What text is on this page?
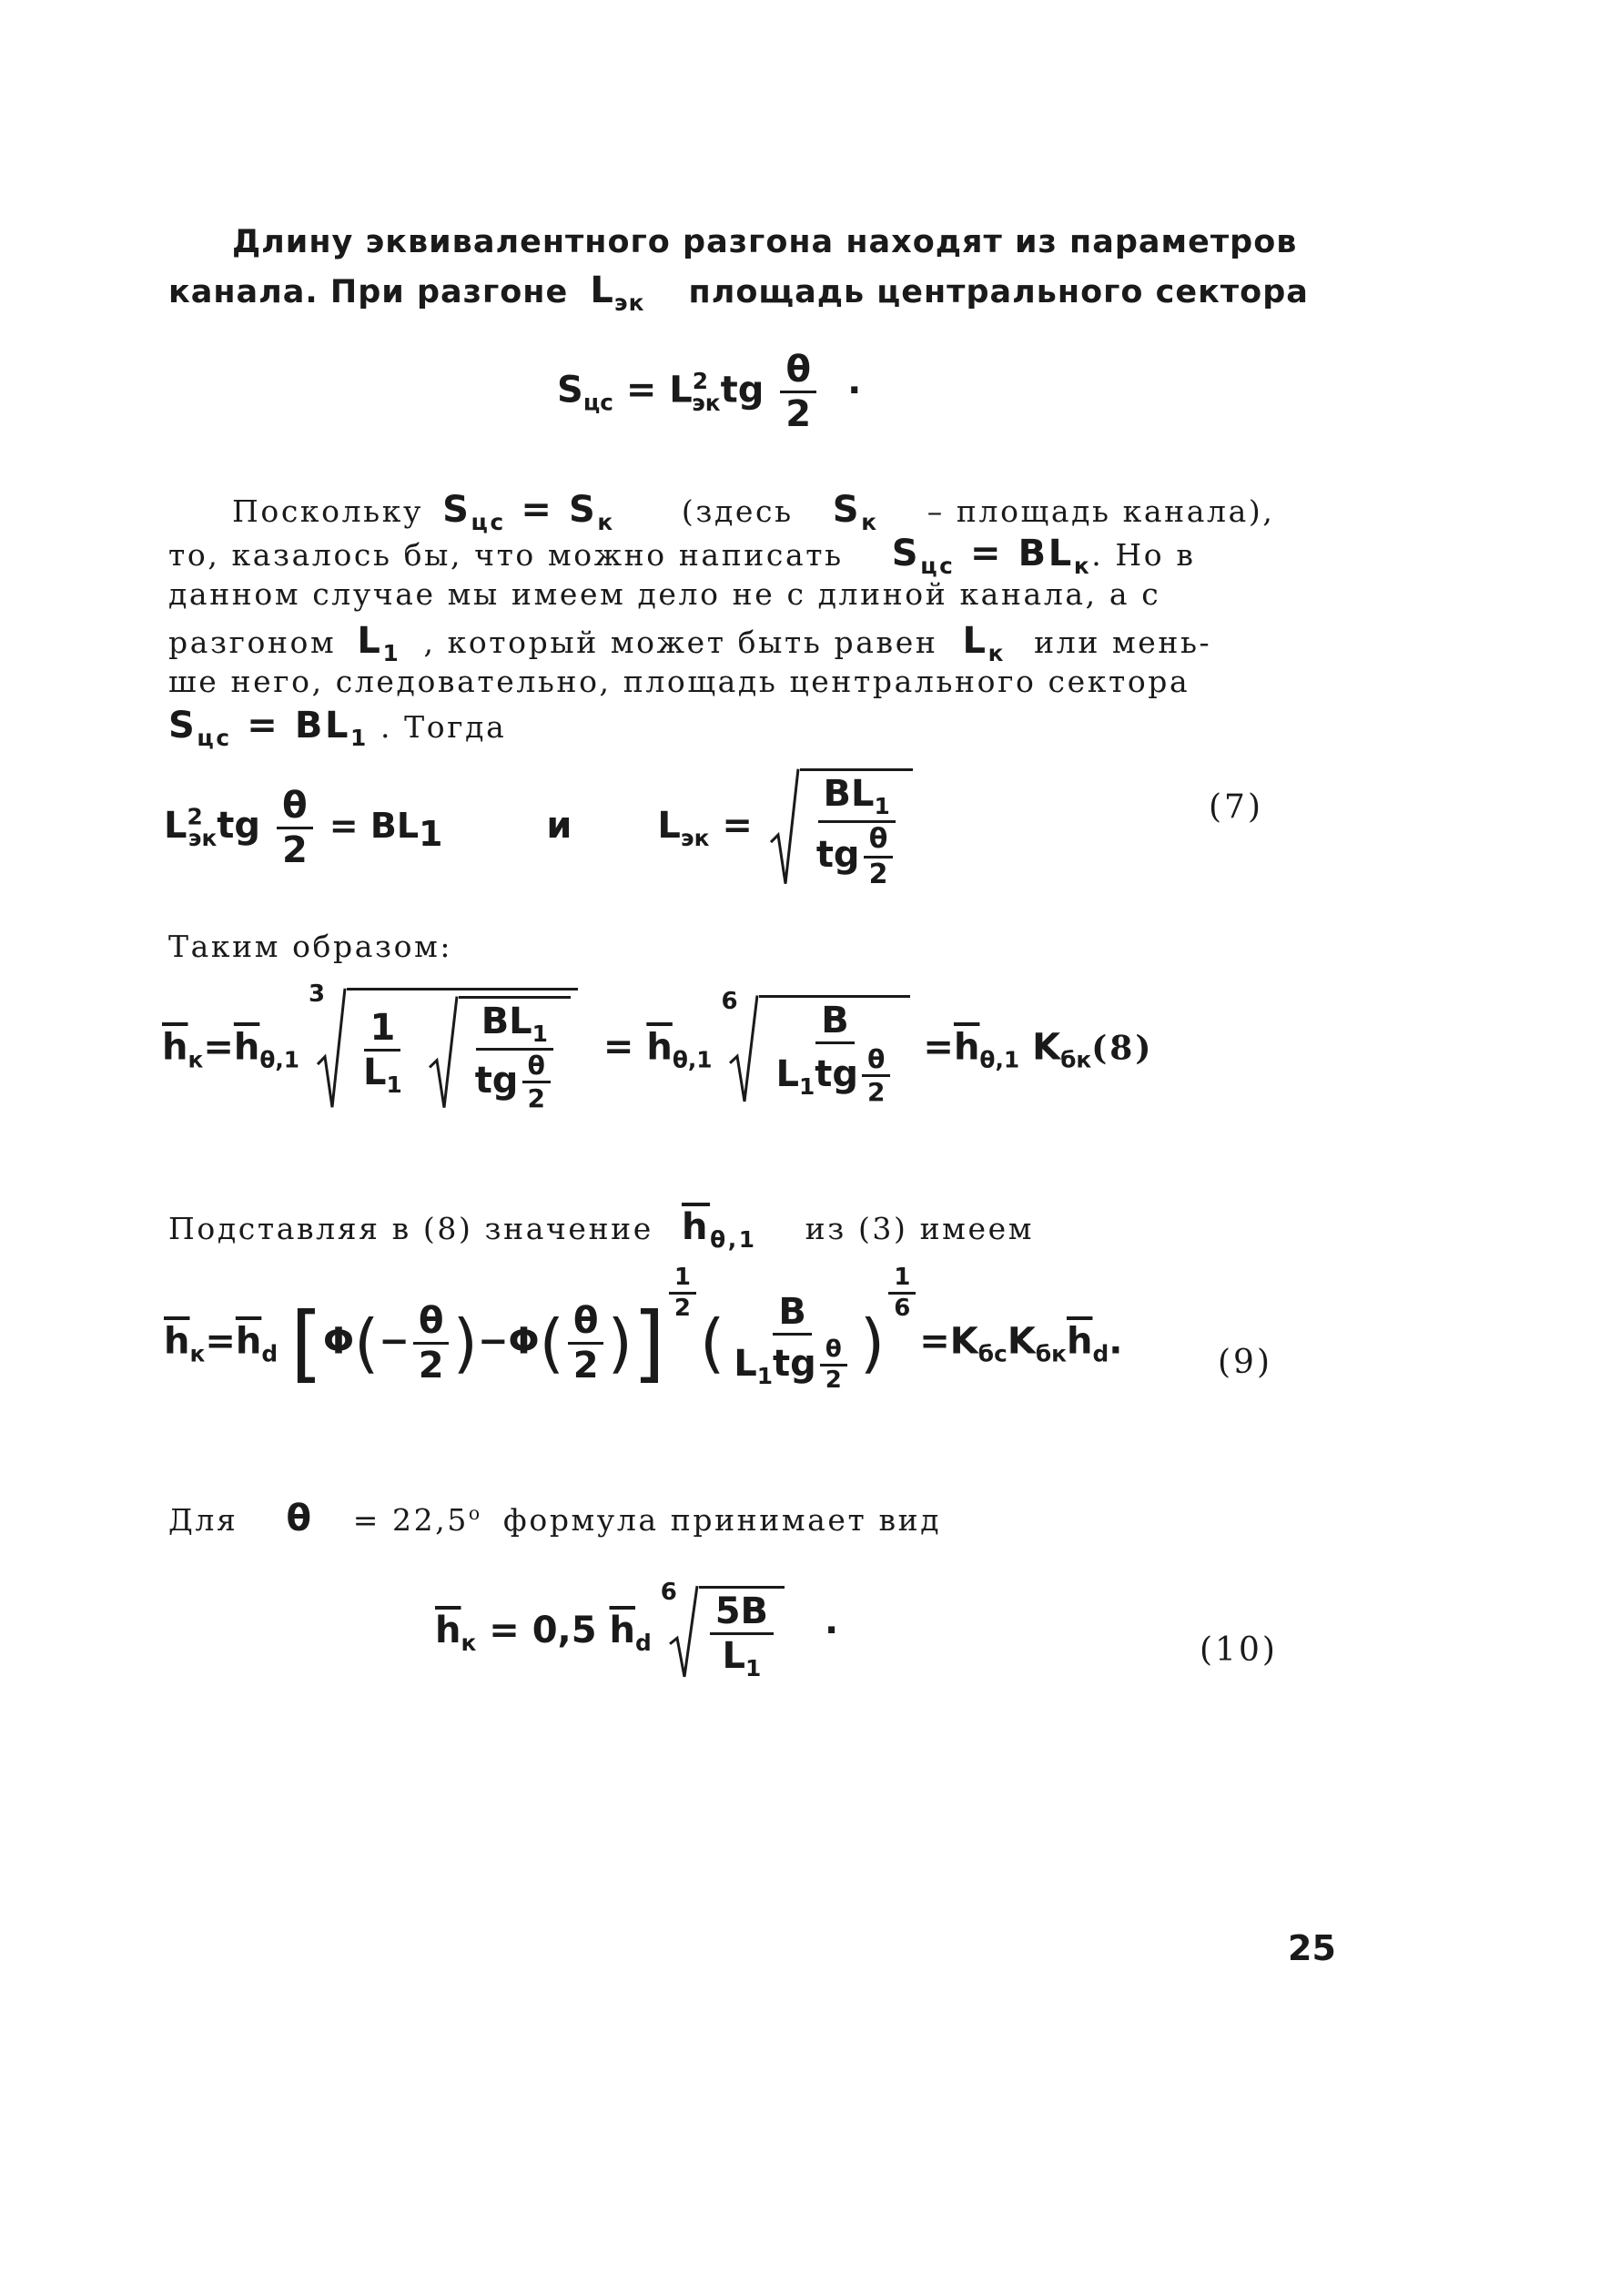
Длину эквивалентного разгона находят из параметров
канала. При разгоне $L_{эк}$ площадь центрального сектора
$S_{цс} = L^2_{эк}tg \frac{\theta}{2}$ ·
Поскольку $S_{цс} = S_к$ (здесь $S_к$ – площадь канала),
то, казалось бы, что можно написать $S_{цс} = BL_к$. Но в
данном случае мы имеем дело не с длиной канала, а с
разгоном $L_1$ , который может быть равен $L_к$ или мень-
ше него, следовательно, площадь центрального сектора
$S_{цс} = BL_1$ . Тогда
$L^2_{эк}tg \frac{\theta}{2} = BL_1$	и $L_{эк} = \frac{BL_1}{tg \frac{\theta}{2}}$	(7)
Таким образом:
$\overline{h}_к=\overline{h}_{\theta,1}$
3
$\frac{1}{L_1}$
$\frac{BL_1}{tg \frac{\theta}{2}} = \overline{h}_{\theta,1}$
$6 \frac{B}{L_1tg \frac{\theta}{2}} =\overline{h}_{\theta,1}$ $K_{бк}(8)$
Подставляя в (8) значение $\overline{h}_{\theta,1}$ из (3) имеем
$\overline{h}_к=\overline{h}_d$ [$\Phi(- \frac{\theta}{2} )-\Phi( \frac{\theta}{2}$ )]
$\frac{1}{2}$
( $\frac{B}{L_1tg \frac{\theta}{2}}$ )
$\frac{1}{6}$
$=K_{бс}K_{бк}\overline{h}_d$.
(9)
Для $\theta = 22,5^o$ формула принимает вид
$\overline{h}_к = 0,5$ $\overline{h}_d$
$6 \frac{5B}{L_1}$ ·	(10)
25
